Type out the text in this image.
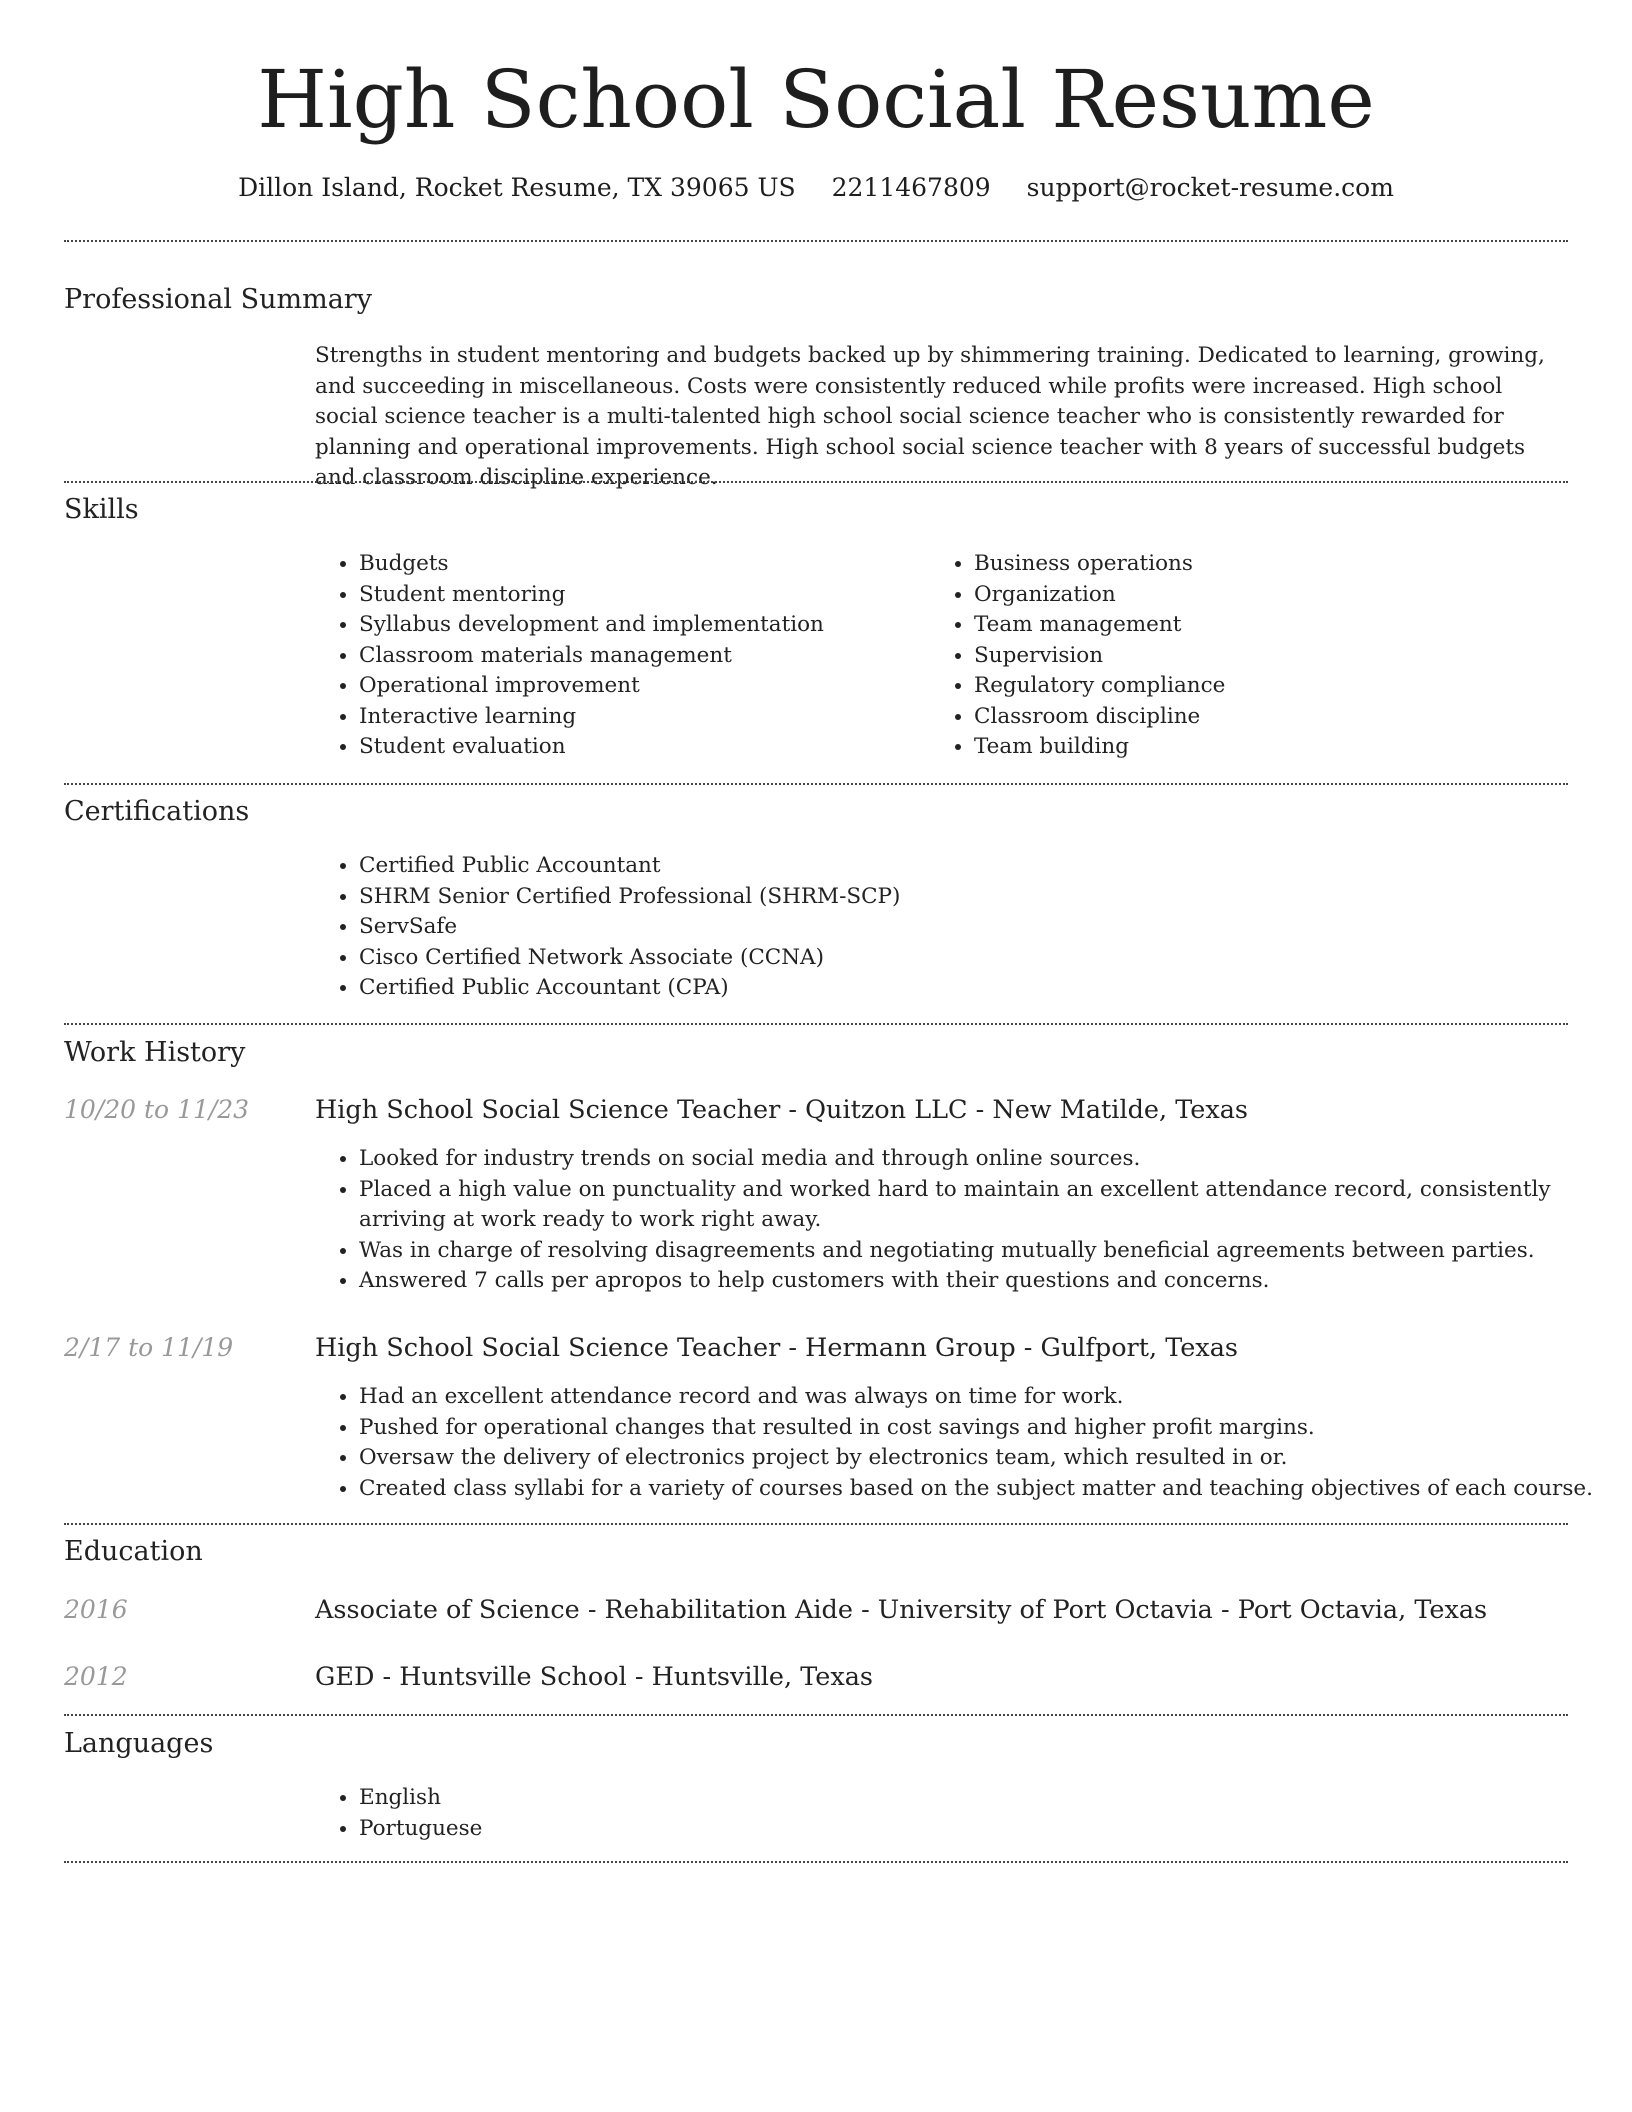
High School Social Resume
Dillon Island, Rocket Resume, TX 39065 US 2211467809 support@rocket-resume.com
Professional Summary
Strengths in student mentoring and budgets backed up by shimmering training. Dedicated to learning, growing, and succeeding in miscellaneous. Costs were consistently reduced while profits were increased. High school social science teacher is a multi-talented high school social science teacher who is consistently rewarded for planning and operational improvements. High school social science teacher with 8 years of successful budgets and classroom discipline experience.
Skills
• Budgets
• Student mentoring
• Syllabus development and implementation
• Classroom materials management
• Operational improvement
• Interactive learning
• Student evaluation
• Business operations
• Organization
• Team management
• Supervision
• Regulatory compliance
• Classroom discipline
• Team building
Certifications
• Certified Public Accountant
• SHRM Senior Certified Professional (SHRM-SCP)
• ServSafe
• Cisco Certified Network Associate (CCNA)
• Certified Public Accountant (CPA)
Work History
10/20 to 11/23	High School Social Science Teacher - Quitzon LLC - New Matilde, Texas
• Looked for industry trends on social media and through online sources.
• Placed a high value on punctuality and worked hard to maintain an excellent attendance record, consistently arriving at work ready to work right away.
• Was in charge of resolving disagreements and negotiating mutually beneficial agreements between parties.
• Answered 7 calls per apropos to help customers with their questions and concerns.
2/17 to 11/19	High School Social Science Teacher - Hermann Group - Gulfport, Texas
• Had an excellent attendance record and was always on time for work.
• Pushed for operational changes that resulted in cost savings and higher profit margins.
• Oversaw the delivery of electronics project by electronics team, which resulted in or.
• Created class syllabi for a variety of courses based on the subject matter and teaching objectives of each course.
Education
2016	Associate of Science - Rehabilitation Aide - University of Port Octavia - Port Octavia, Texas
2012	GED - Huntsville School - Huntsville, Texas
Languages
• English
• Portuguese
